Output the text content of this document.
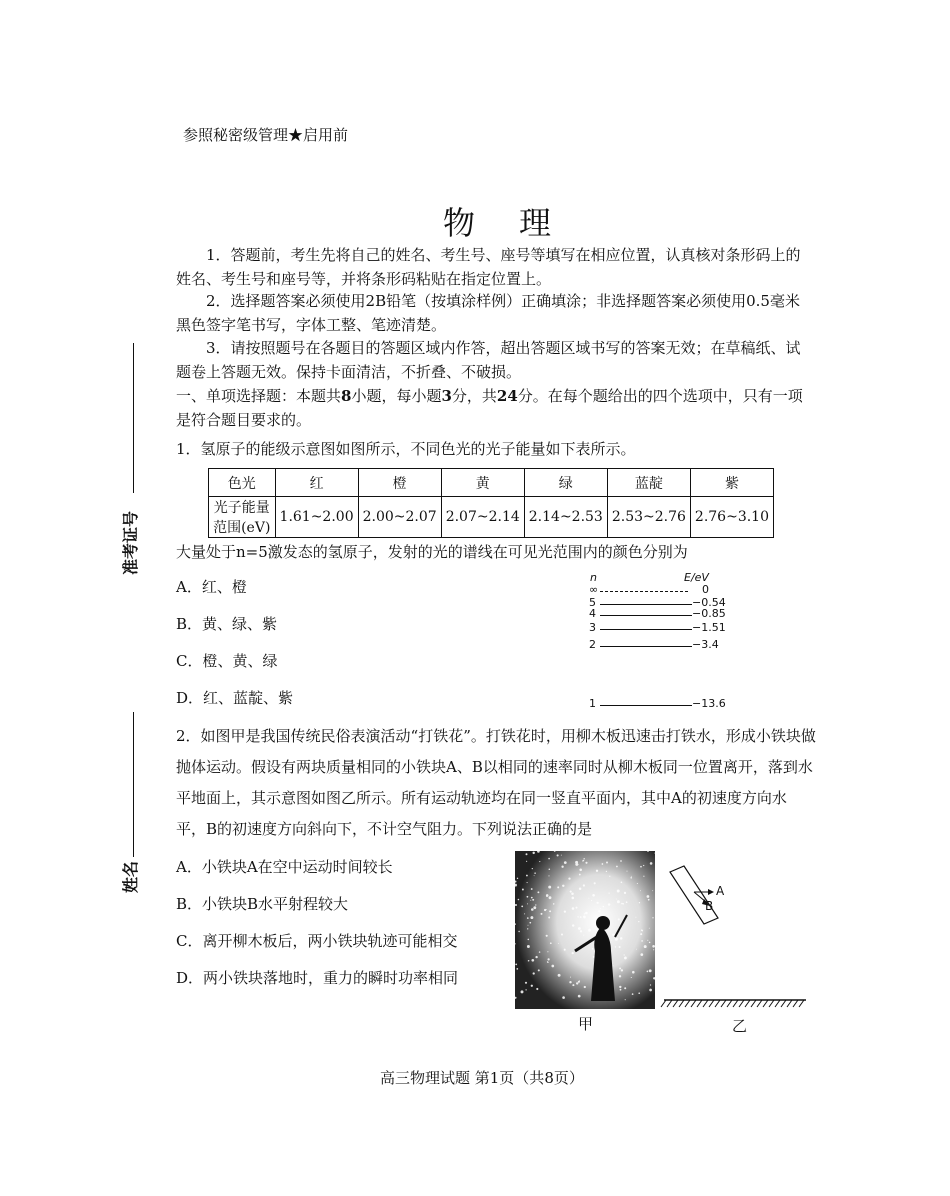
参照秘密级管理★启用前
物　理
1．答题前，考生先将自己的姓名、考生号、座号等填写在相应位置，认真核对条形码上的姓名、考生号和座号等，并将条形码粘贴在指定位置上。
2．选择题答案必须使用2B铅笔（按填涂样例）正确填涂；非选择题答案必须使用0.5毫米黑色签字笔书写，字体工整、笔迹清楚。
3．请按照题号在各题目的答题区域内作答，超出答题区域书写的答案无效；在草稿纸、试题卷上答题无效。保持卡面清洁，不折叠、不破损。
一、单项选择题：本题共8小题，每小题3分，共24分。在每个题给出的四个选项中，只有一项是符合题目要求的。
准考证号
姓名
1．氢原子的能级示意图如图所示，不同色光的光子能量如下表所示。
色光	红	橙	黄	绿	蓝靛	紫
光子能量范围(eV)	1.61~2.00	2.00~2.07	2.07~2.14	2.14~2.53	2.53~2.76	2.76~3.10
大量处于n=5激发态的氢原子，发射的光的谱线在可见光范围内的颜色分别为
A．红、橙
B．黄、绿、紫
C．橙、黄、绿
D．红、蓝靛、紫
n	E/eV
∞	0
5	−0.54
4	−0.85
3	−1.51
2	−3.4
1	−13.6
2．如图甲是我国传统民俗表演活动“打铁花”。打铁花时，用柳木板迅速击打铁水，形成小铁块做抛体运动。假设有两块质量相同的小铁块A、B以相同的速率同时从柳木板同一位置离开，落到水平地面上，其示意图如图乙所示。所有运动轨迹均在同一竖直平面内，其中A的初速度方向水平，B的初速度方向斜向下，不计空气阻力。下列说法正确的是
A．小铁块A在空中运动时间较长
B．小铁块B水平射程较大
C．离开柳木板后，两小铁块轨迹可能相交
D．两小铁块落地时，重力的瞬时功率相同
甲
A
B
乙
高三物理试题 第1页（共8页）
